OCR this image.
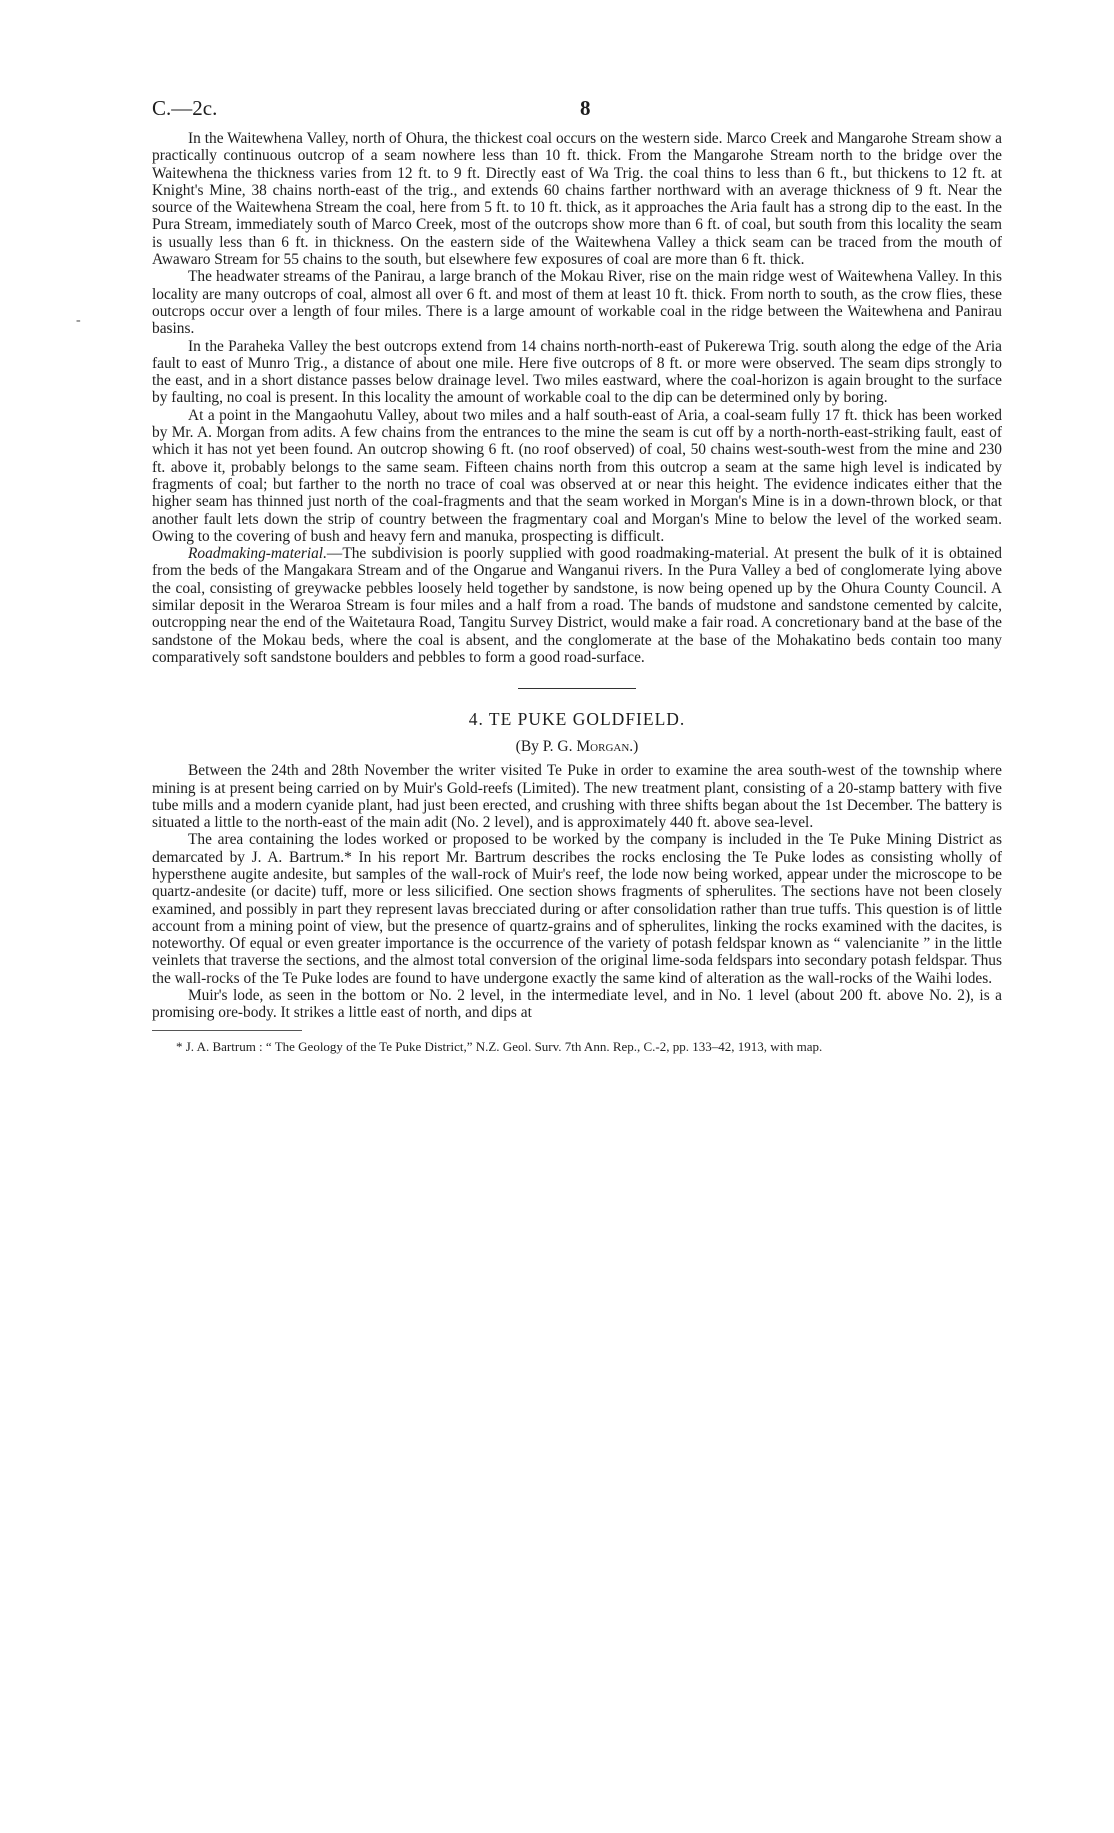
-
C.—2c.	8

In the Waitewhena Valley, north of Ohura, the thickest coal occurs on the western side. Marco Creek and Mangarohe Stream show a practically continuous outcrop of a seam nowhere less than 10 ft. thick. From the Mangarohe Stream north to the bridge over the Waitewhena the thickness varies from 12 ft. to 9 ft. Directly east of Wa Trig. the coal thins to less than 6 ft., but thickens to 12 ft. at Knight's Mine, 38 chains north-east of the trig., and extends 60 chains farther northward with an average thickness of 9 ft. Near the source of the Waitewhena Stream the coal, here from 5 ft. to 10 ft. thick, as it approaches the Aria fault has a strong dip to the east. In the Pura Stream, immediately south of Marco Creek, most of the outcrops show more than 6 ft. of coal, but south from this locality the seam is usually less than 6 ft. in thickness. On the eastern side of the Waitewhena Valley a thick seam can be traced from the mouth of Awawaro Stream for 55 chains to the south, but elsewhere few exposures of coal are more than 6 ft. thick.

The headwater streams of the Panirau, a large branch of the Mokau River, rise on the main ridge west of Waitewhena Valley. In this locality are many outcrops of coal, almost all over 6 ft. and most of them at least 10 ft. thick. From north to south, as the crow flies, these outcrops occur over a length of four miles. There is a large amount of workable coal in the ridge between the Waitewhena and Panirau basins.

In the Paraheka Valley the best outcrops extend from 14 chains north-north-east of Pukerewa Trig. south along the edge of the Aria fault to east of Munro Trig., a distance of about one mile. Here five outcrops of 8 ft. or more were observed. The seam dips strongly to the east, and in a short distance passes below drainage level. Two miles eastward, where the coal-horizon is again brought to the surface by faulting, no coal is present. In this locality the amount of workable coal to the dip can be determined only by boring.

At a point in the Mangaohutu Valley, about two miles and a half south-east of Aria, a coal-seam fully 17 ft. thick has been worked by Mr. A. Morgan from adits. A few chains from the entrances to the mine the seam is cut off by a north-north-east-striking fault, east of which it has not yet been found. An outcrop showing 6 ft. (no roof observed) of coal, 50 chains west-south-west from the mine and 230 ft. above it, probably belongs to the same seam. Fifteen chains north from this outcrop a seam at the same high level is indicated by fragments of coal; but farther to the north no trace of coal was observed at or near this height. The evidence indicates either that the higher seam has thinned just north of the coal-fragments and that the seam worked in Morgan's Mine is in a down-thrown block, or that another fault lets down the strip of country between the fragmentary coal and Morgan's Mine to below the level of the worked seam. Owing to the covering of bush and heavy fern and manuka, prospecting is difficult.

Roadmaking-material.—The subdivision is poorly supplied with good roadmaking-material. At present the bulk of it is obtained from the beds of the Mangakara Stream and of the Ongarue and Wanganui rivers. In the Pura Valley a bed of conglomerate lying above the coal, consisting of greywacke pebbles loosely held together by sandstone, is now being opened up by the Ohura County Council. A similar deposit in the Weraroa Stream is four miles and a half from a road. The bands of mudstone and sandstone cemented by calcite, outcropping near the end of the Waitetaura Road, Tangitu Survey District, would make a fair road. A concretionary band at the base of the sandstone of the Mokau beds, where the coal is absent, and the conglomerate at the base of the Mohakatino beds contain too many comparatively soft sandstone boulders and pebbles to form a good road-surface.

4. TE PUKE GOLDFIELD.
(By P. G. Morgan.)

Between the 24th and 28th November the writer visited Te Puke in order to examine the area south-west of the township where mining is at present being carried on by Muir's Gold-reefs (Limited). The new treatment plant, consisting of a 20-stamp battery with five tube mills and a modern cyanide plant, had just been erected, and crushing with three shifts began about the 1st December. The battery is situated a little to the north-east of the main adit (No. 2 level), and is approximately 440 ft. above sea-level.

The area containing the lodes worked or proposed to be worked by the company is included in the Te Puke Mining District as demarcated by J. A. Bartrum.* In his report Mr. Bartrum describes the rocks enclosing the Te Puke lodes as consisting wholly of hypersthene augite andesite, but samples of the wall-rock of Muir's reef, the lode now being worked, appear under the microscope to be quartz-andesite (or dacite) tuff, more or less silicified. One section shows fragments of spherulites. The sections have not been closely examined, and possibly in part they represent lavas brecciated during or after consolidation rather than true tuffs. This question is of little account from a mining point of view, but the presence of quartz-grains and of spherulites, linking the rocks examined with the dacites, is noteworthy. Of equal or even greater importance is the occurrence of the variety of potash feldspar known as “ valencianite ” in the little veinlets that traverse the sections, and the almost total conversion of the original lime-soda feldspars into secondary potash feldspar. Thus the wall-rocks of the Te Puke lodes are found to have undergone exactly the same kind of alteration as the wall-rocks of the Waihi lodes.

Muir's lode, as seen in the bottom or No. 2 level, in the intermediate level, and in No. 1 level (about 200 ft. above No. 2), is a promising ore-body. It strikes a little east of north, and dips at

* J. A. Bartrum : “ The Geology of the Te Puke District,” N.Z. Geol. Surv. 7th Ann. Rep., C.-2, pp. 133–42, 1913, with map.
